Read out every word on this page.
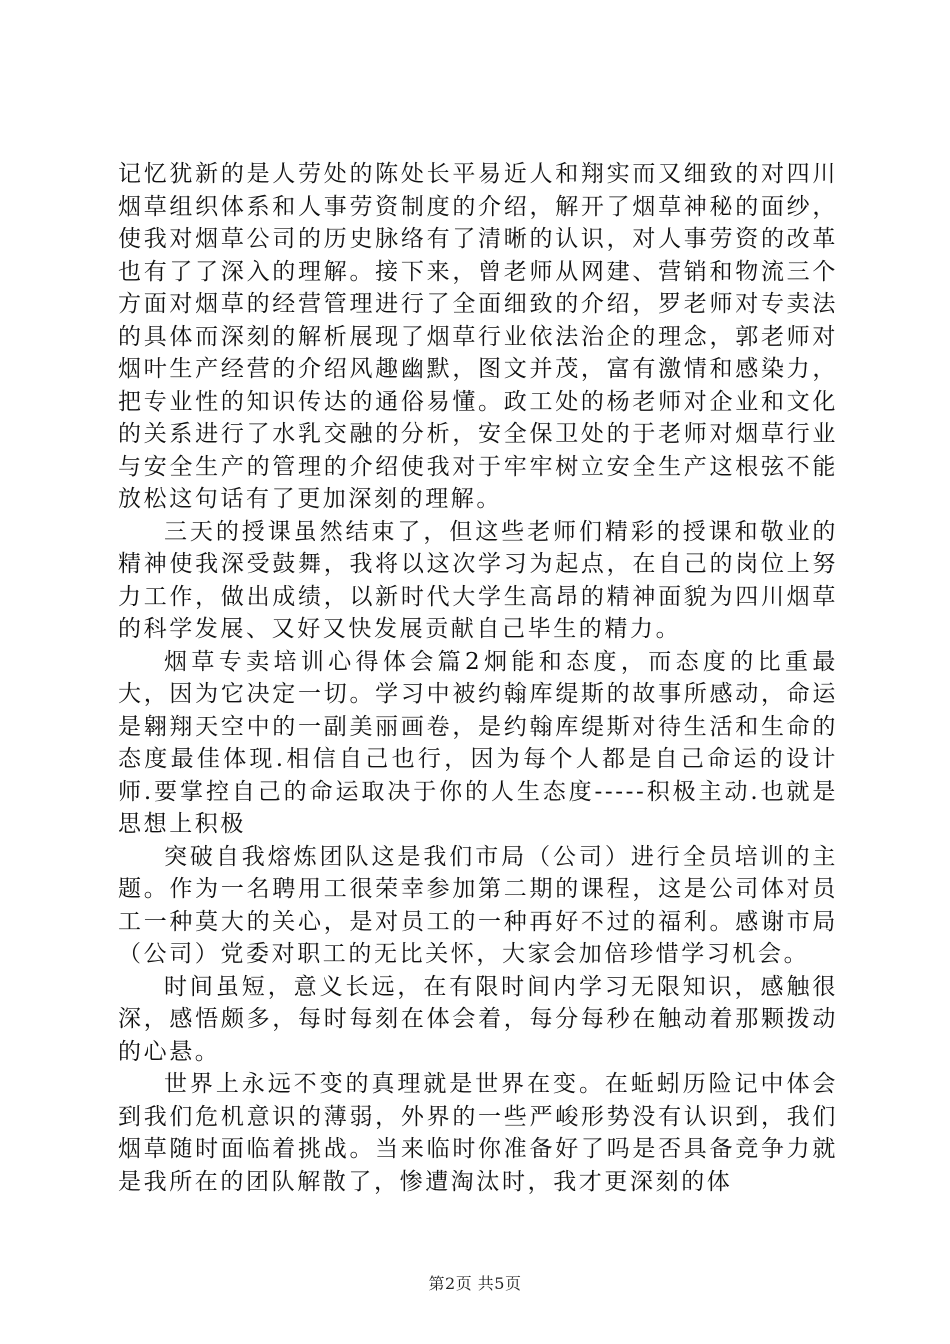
记忆犹新的是人劳处的陈处长平易近人和翔实而又细致的对四川烟草组织体系和人事劳资制度的介绍，解开了烟草神秘的面纱，使我对烟草公司的历史脉络有了清晰的认识，对人事劳资的改革也有了了深入的理解。接下来，曾老师从网建、营销和物流三个方面对烟草的经营管理进行了全面细致的介绍，罗老师对专卖法的具体而深刻的解析展现了烟草行业依法治企的理念，郭老师对烟叶生产经营的介绍风趣幽默，图文并茂，富有激情和感染力，把专业性的知识传达的通俗易懂。政工处的杨老师对企业和文化的关系进行了水乳交融的分析，安全保卫处的于老师对烟草行业与安全生产的管理的介绍使我对于牢牢树立安全生产这根弦不能放松这句话有了更加深刻的理解。

三天的授课虽然结束了，但这些老师们精彩的授课和敬业的精神使我深受鼓舞，我将以这次学习为起点，在自己的岗位上努力工作，做出成绩，以新时代大学生高昂的精神面貌为四川烟草的科学发展、又好又快发展贡献自己毕生的精力。

烟草专卖培训心得体会篇2炯能和态度，而态度的比重最大，因为它决定一切。学习中被约翰库缇斯的故事所感动，命运是翱翔天空中的一副美丽画卷，是约翰库缇斯对待生活和生命的态度最佳体现.相信自己也行，因为每个人都是自己命运的设计师.要掌控自己的命运取决于你的人生态度-----积极主动.也就是思想上积极

突破自我熔炼团队这是我们市局（公司）进行全员培训的主题。作为一名聘用工很荣幸参加第二期的课程，这是公司体对员工一种莫大的关心，是对员工的一种再好不过的福利。感谢市局（公司）党委对职工的无比关怀，大家会加倍珍惜学习机会。

时间虽短，意义长远，在有限时间内学习无限知识，感触很深，感悟颇多，每时每刻在体会着，每分每秒在触动着那颗拨动的心悬。

世界上永远不变的真理就是世界在变。在蚯蚓历险记中体会到我们危机意识的薄弱，外界的一些严峻形势没有认识到，我们烟草随时面临着挑战。当来临时你准备好了吗是否具备竞争力就是我所在的团队解散了，惨遭淘汰时，我才更深刻的体

第2页 共5页
